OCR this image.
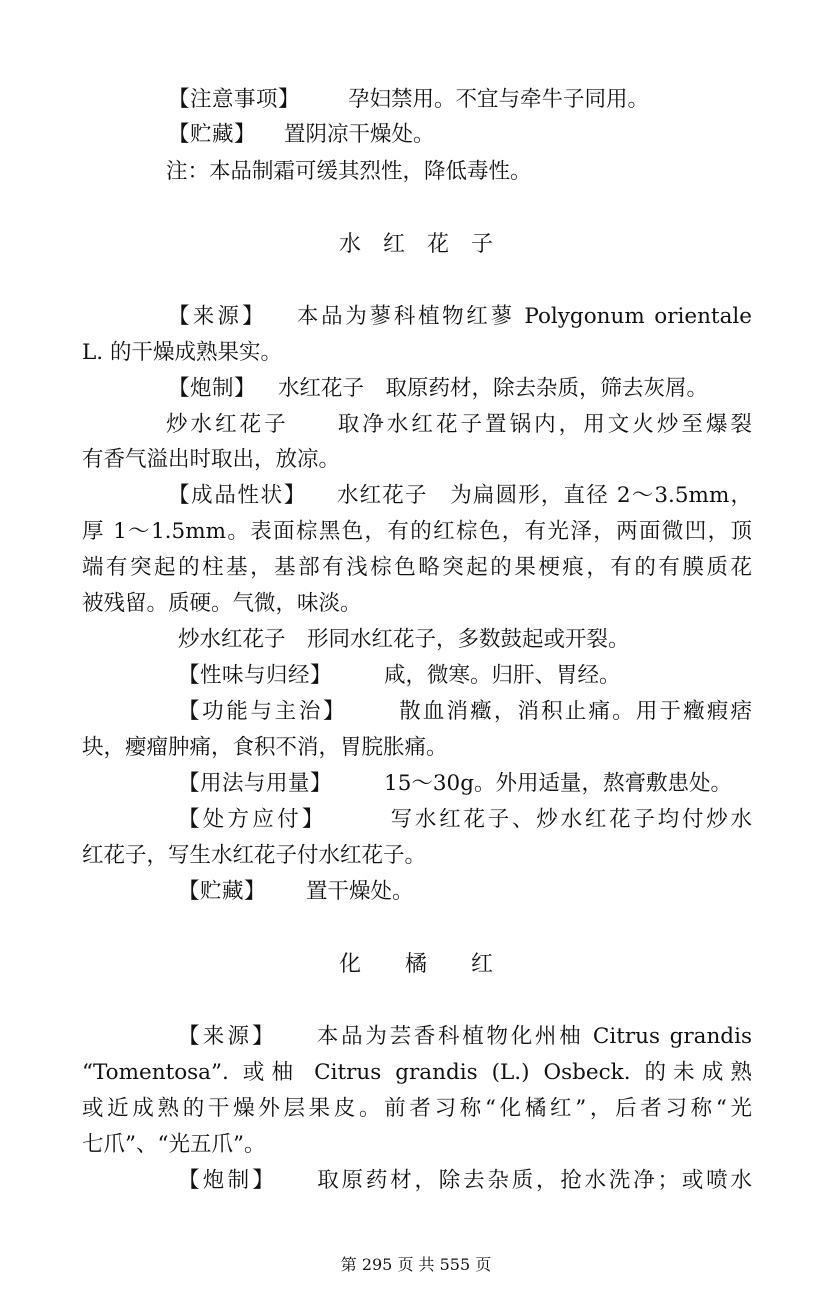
【注意事项】 孕妇禁用。不宜与牵牛子同用。
【贮藏】 置阴凉干燥处。
注：本品制霜可缓其烈性，降低毒性。
水　红　花　子
【来源】 本品为蓼科植物红蓼 Polygonum orientale
L. 的干燥成熟果实。
【炮制】 水红花子　取原药材，除去杂质，筛去灰屑。
炒水红花子　　取净水红花子置锅内，用文火炒至爆裂
有香气溢出时取出，放凉。
【成品性状】 水红花子　为扁圆形，直径 2～3.5mm，
厚 1～1.5mm。表面棕黑色，有的红棕色，有光泽，两面微凹，顶
端有突起的柱基，基部有浅棕色略突起的果梗痕，有的有膜质花
被残留。质硬。气微，味淡。
炒水红花子　形同水红花子，多数鼓起或开裂。
【性味与归经】 咸，微寒。归肝、胃经。
【功能与主治】 散血消癥，消积止痛。用于癥瘕痞
块，瘿瘤肿痛，食积不消，胃脘胀痛。
【用法与用量】 15～30g。外用适量，熬膏敷患处。
【处方应付】	写水红花子、炒水红花子均付炒水
红花子，写生水红花子付水红花子。
【贮藏】 置干燥处。
化　　橘　　红
【来源】 本品为芸香科植物化州柚 Citrus grandis
“Tomentosa”. 或柚 Citrus grandis (L.) Osbeck. 的未成熟
或近成熟的干燥外层果皮。前者习称“化橘红”，后者习称“光
七爪”、“光五爪”。
【炮制】 取原药材，除去杂质，抢水洗净；或喷水
第 295 页 共 555 页
